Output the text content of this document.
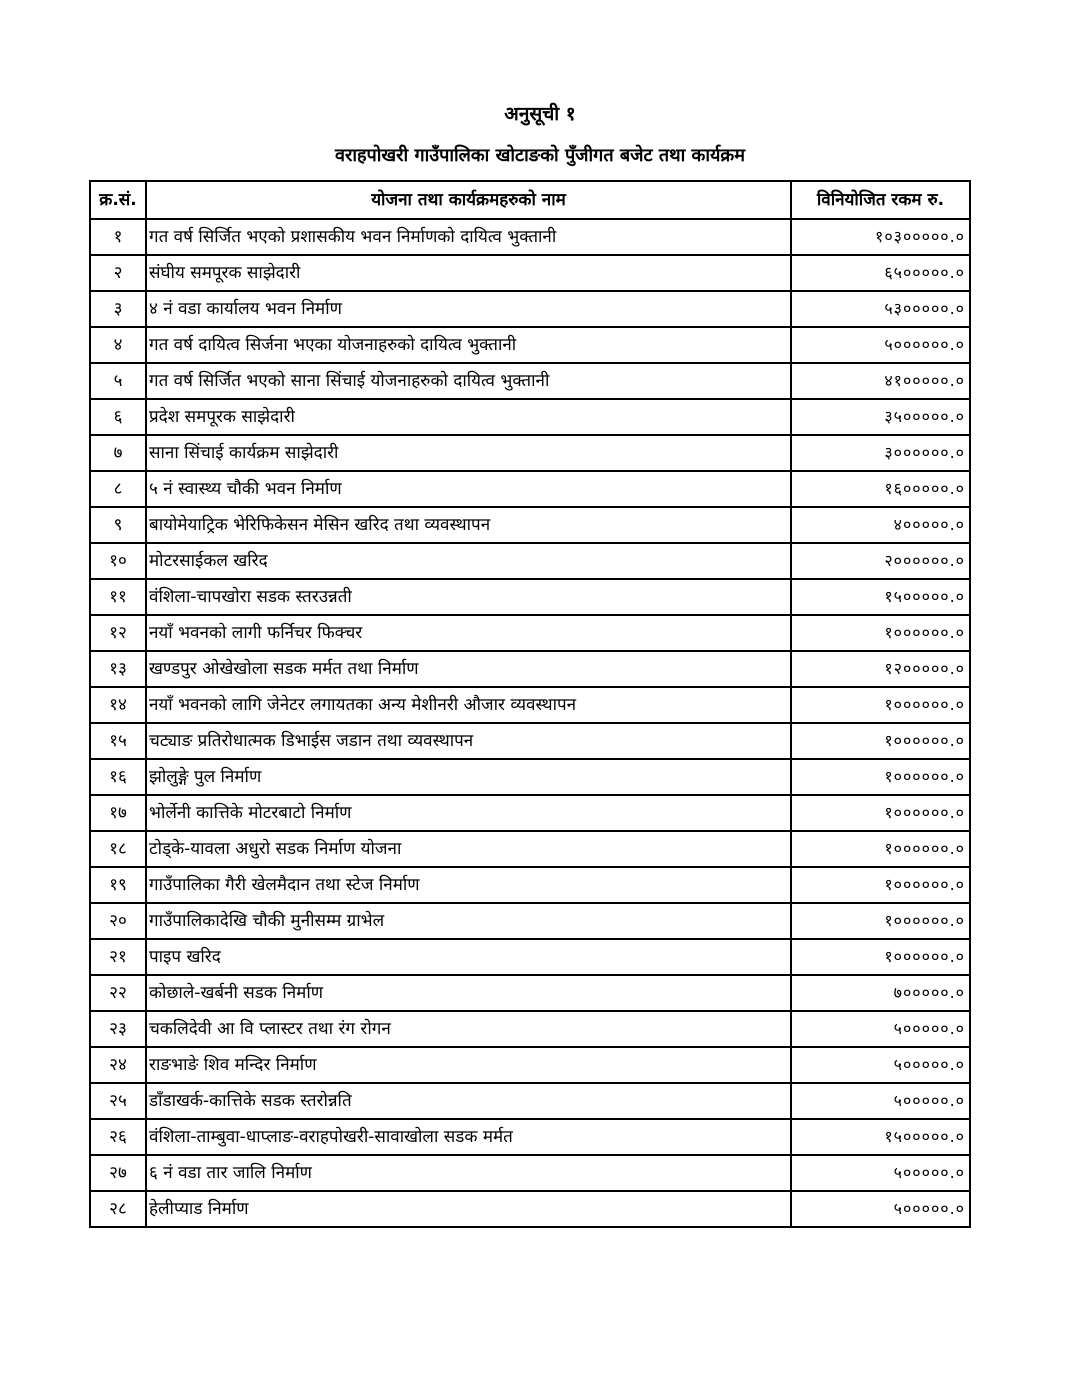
अनुसूची १
वराहपोखरी गाउँपालिका खोटाङको पुँजीगत बजेट तथा कार्यक्रम
क्र.सं.	योजना तथा कार्यक्रमहरुको नाम	विनियोजित रकम रु.
१	गत वर्ष सिर्जित भएको प्रशासकीय भवन निर्माणको दायित्व भुक्तानी	१०३०००००.०
२	संघीय समपूरक साझेदारी	६५०००००.०
३	४ नं वडा कार्यालय भवन निर्माण	५३०००००.०
४	गत वर्ष दायित्व सिर्जना भएका योजनाहरुको दायित्व भुक्तानी	५००००००.०
५	गत वर्ष सिर्जित भएको साना सिंचाई योजनाहरुको दायित्व भुक्तानी	४१०००००.०
६	प्रदेश समपूरक साझेदारी	३५०००००.०
७	साना सिंचाई कार्यक्रम साझेदारी	३००००००.०
८	५ नं स्वास्थ्य चौकी भवन निर्माण	१६०००००.०
९	बायोमेयाट्रिक भेरिफिकेसन मेसिन खरिद तथा व्यवस्थापन	४०००००.०
१०	मोटरसाईकल खरिद	२००००००.०
११	वंशिला-चापखोरा सडक स्तरउन्नती	१५०००००.०
१२	नयाँ भवनको लागी फर्निचर फिक्चर	१००००००.०
१३	खण्डपुर ओखेखोला सडक मर्मत तथा निर्माण	१२०००००.०
१४	नयाँ भवनको लागि जेनेटर लगायतका अन्य मेशीनरी औजार व्यवस्थापन	१००००००.०
१५	चट्याङ प्रतिरोधात्मक डिभाईस जडान तथा व्यवस्थापन	१००००००.०
१६	झोलुङ्गे पुल निर्माण	१००००००.०
१७	भोर्लेनी कात्तिके मोटरबाटो निर्माण	१००००००.०
१८	टोड्के-यावला अधुरो सडक निर्माण योजना	१००००००.०
१९	गाउँपालिका गैरी खेलमैदान तथा स्टेज निर्माण	१००००००.०
२०	गाउँपालिकादेखि चौकी मुनीसम्म ग्राभेल	१००००००.०
२१	पाइप खरिद	१००००००.०
२२	कोछाले-खर्बनी सडक निर्माण	७०००००.०
२३	चकलिदेवी आ वि प्लास्टर तथा रंग रोगन	५०००००.०
२४	राङभाङे शिव मन्दिर निर्माण	५०००००.०
२५	डाँडाखर्क-कात्तिके सडक स्तरोन्नति	५०००००.०
२६	वंशिला-ताम्बुवा-धाप्लाङ-वराहपोखरी-सावाखोला सडक मर्मत	१५०००००.०
२७	६ नं वडा तार जालि निर्माण	५०००००.०
२८	हेलीप्याड निर्माण	५०००००.०
